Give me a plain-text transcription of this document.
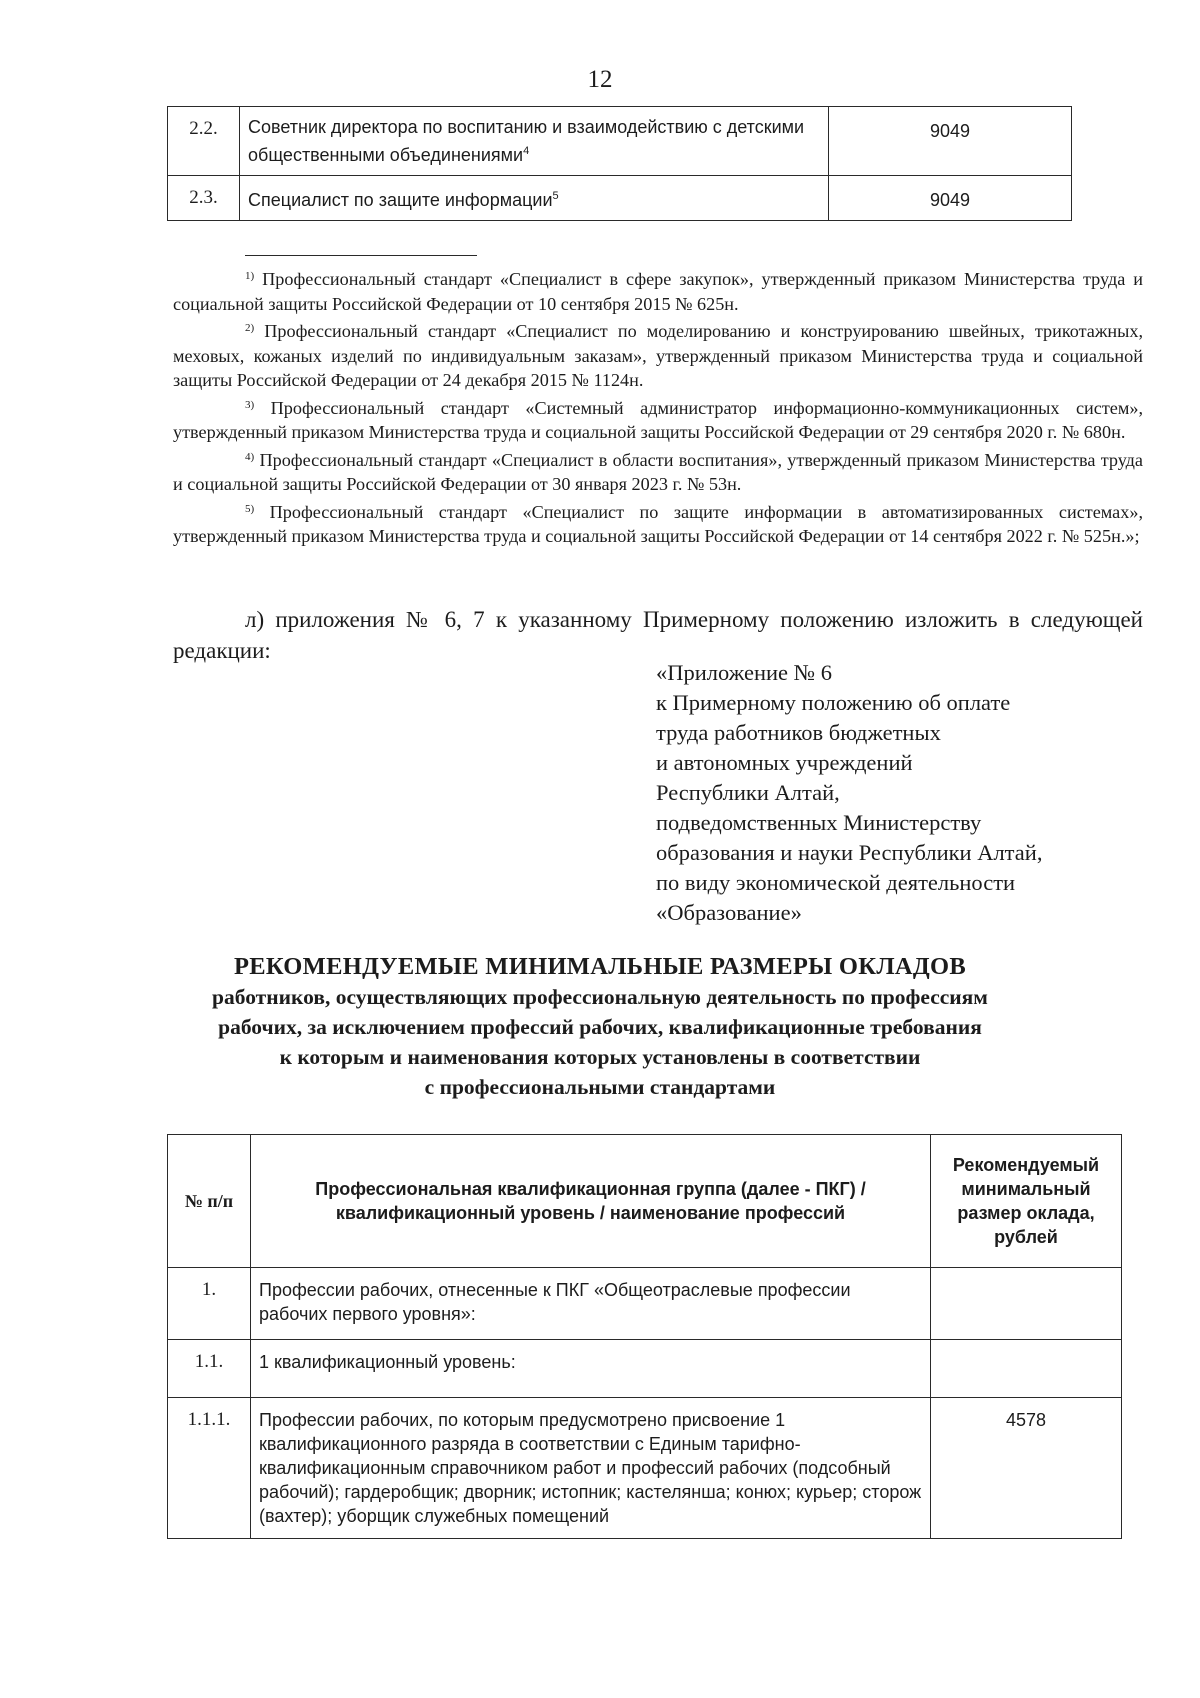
12
2.2.	Советник директора по воспитанию и взаимодействию с детскими общественными объединениями$^4$	9049
2.3.	Специалист по защите информации$^5$	9049

$^{1)}$ Профессиональный стандарт «Специалист в сфере закупок», утвержденный приказом Министерства труда и социальной защиты Российской Федерации от 10 сентября 2015 № 625н.

$^{2)}$ Профессиональный стандарт «Специалист по моделированию и конструированию швейных, трикотажных, меховых, кожаных изделий по индивидуальным заказам», утвержденный приказом Министерства труда и социальной защиты Российской Федерации от 24 декабря 2015 № 1124н.

$^{3)}$ Профессиональный стандарт «Системный администратор информационно-коммуникационных систем», утвержденный приказом Министерства труда и социальной защиты Российской Федерации от 29 сентября 2020 г. № 680н.

$^{4)}$ Профессиональный стандарт «Специалист в области воспитания», утвержденный приказом Министерства труда и социальной защиты Российской Федерации от 30 января 2023 г. № 53н.

$^{5)}$ Профессиональный стандарт «Специалист по защите информации в автоматизированных системах», утвержденный приказом Министерства труда и социальной защиты Российской Федерации от 14 сентября 2022 г. № 525н.»;

л) приложения № 6, 7 к указанному Примерному положению изложить в следующей редакции:

«Приложение № 6
к Примерному положению об оплате
труда работников бюджетных
и автономных учреждений
Республики Алтай,
подведомственных Министерству
образования и науки Республики Алтай,
по виду экономической деятельности
«Образование»
РЕКОМЕНДУЕМЫЕ МИНИМАЛЬНЫЕ РАЗМЕРЫ ОКЛАДОВ
работников, осуществляющих профессиональную деятельность по профессиям
рабочих, за исключением профессий рабочих, квалификационные требования
к которым и наименования которых установлены в соответствии
с профессиональными стандартами
№ п/п	Профессиональная квалификационная группа (далее - ПКГ) /квалификационный уровень / наименование профессий	Рекомендуемый минимальный размер оклада, рублей
1.	Профессии рабочих, отнесенные к ПКГ «Общеотраслевые профессии рабочих первого уровня»:	
1.1.	1 квалификационный уровень:	
1.1.1.	Профессии рабочих, по которым предусмотрено присвоение 1 квалификационного разряда в соответствии с Единым тарифно-квалификационным справочником работ и профессий рабочих (подсобный рабочий); гардеробщик; дворник; истопник; кастелянша; конюх; курьер; сторож (вахтер); уборщик служебных помещений	4578
